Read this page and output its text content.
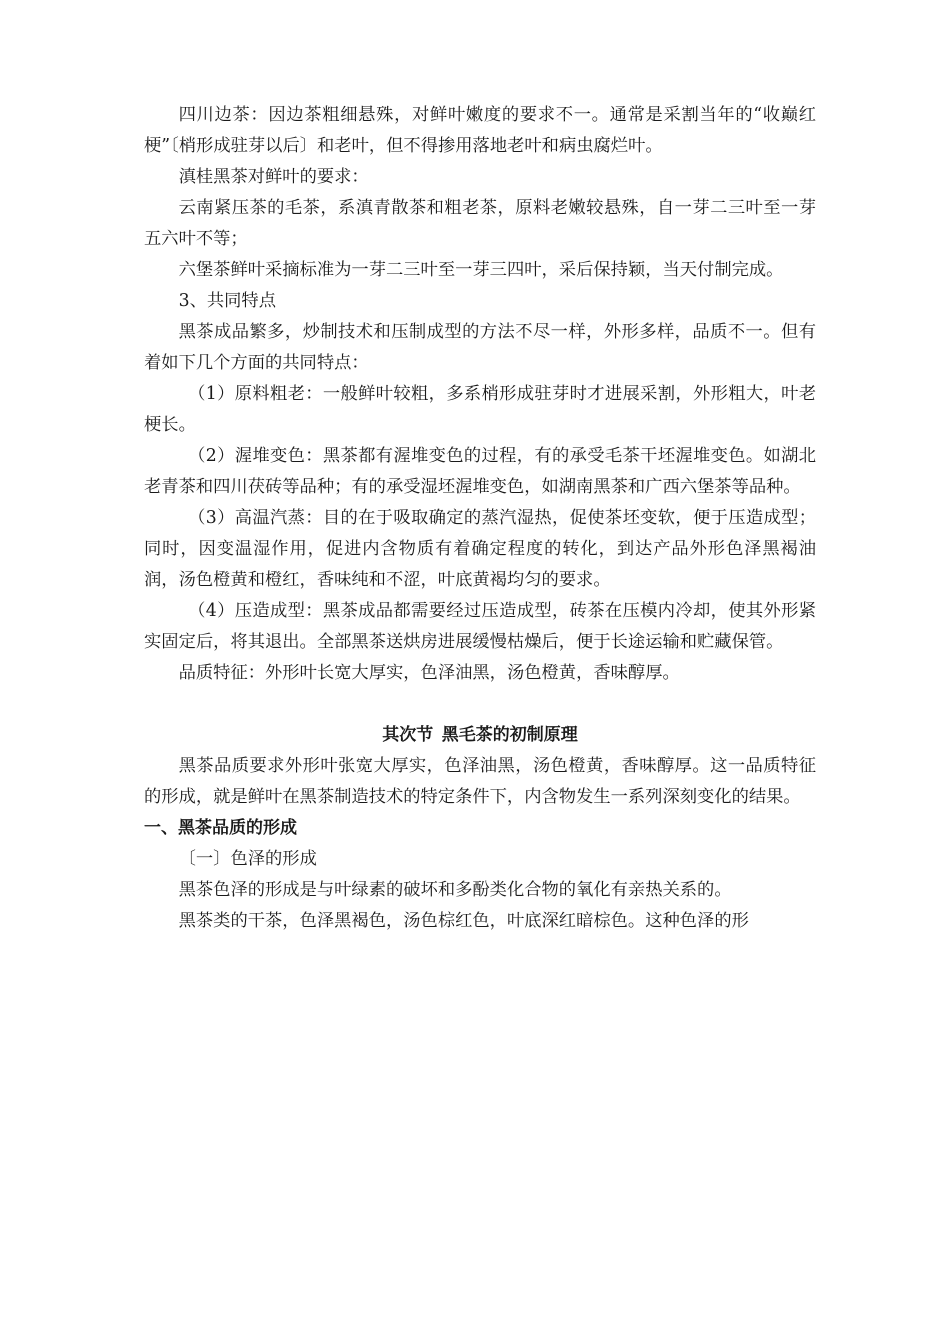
四川边茶：因边茶粗细悬殊，对鲜叶嫩度的要求不一。通常是采割当年的“收巅红梗”〔梢形成驻芽以后〕和老叶，但不得掺用落地老叶和病虫腐烂叶。

滇桂黑茶对鲜叶的要求：

云南紧压茶的毛茶，系滇青散茶和粗老茶，原料老嫩较悬殊，自一芽二三叶至一芽五六叶不等；

六堡茶鲜叶采摘标准为一芽二三叶至一芽三四叶，采后保持颖，当天付制完成。

3、共同特点

黑茶成品繁多，炒制技术和压制成型的方法不尽一样，外形多样，品质不一。但有着如下几个方面的共同特点：

（1）原料粗老：一般鲜叶较粗，多系梢形成驻芽时才进展采割，外形粗大，叶老梗长。

（2）渥堆变色：黑茶都有渥堆变色的过程，有的承受毛茶干坯渥堆变色。如湖北老青茶和四川茯砖等品种；有的承受湿坯渥堆变色，如湖南黑茶和广西六堡茶等品种。

（3）高温汽蒸：目的在于吸取确定的蒸汽湿热，促使茶坯变软，便于压造成型；同时，因变温湿作用，促进内含物质有着确定程度的转化，到达产品外形色泽黑褐油润，汤色橙黄和橙红，香味纯和不涩，叶底黄褐均匀的要求。

（4）压造成型：黑茶成品都需要经过压造成型，砖茶在压模内冷却，使其外形紧实固定后，将其退出。全部黑茶送烘房进展缓慢枯燥后，便于长途运输和贮藏保管。

品质特征：外形叶长宽大厚实，色泽油黑，汤色橙黄，香味醇厚。

其次节 黑毛茶的初制原理

黑茶品质要求外形叶张宽大厚实，色泽油黑，汤色橙黄，香味醇厚。这一品质特征的形成，就是鲜叶在黑茶制造技术的特定条件下，内含物发生一系列深刻变化的结果。

一、黑茶品质的形成

〔一〕色泽的形成

黑茶色泽的形成是与叶绿素的破坏和多酚类化合物的氧化有亲热关系的。

黑茶类的干茶，色泽黑褐色，汤色棕红色，叶底深红暗棕色。这种色泽的形
